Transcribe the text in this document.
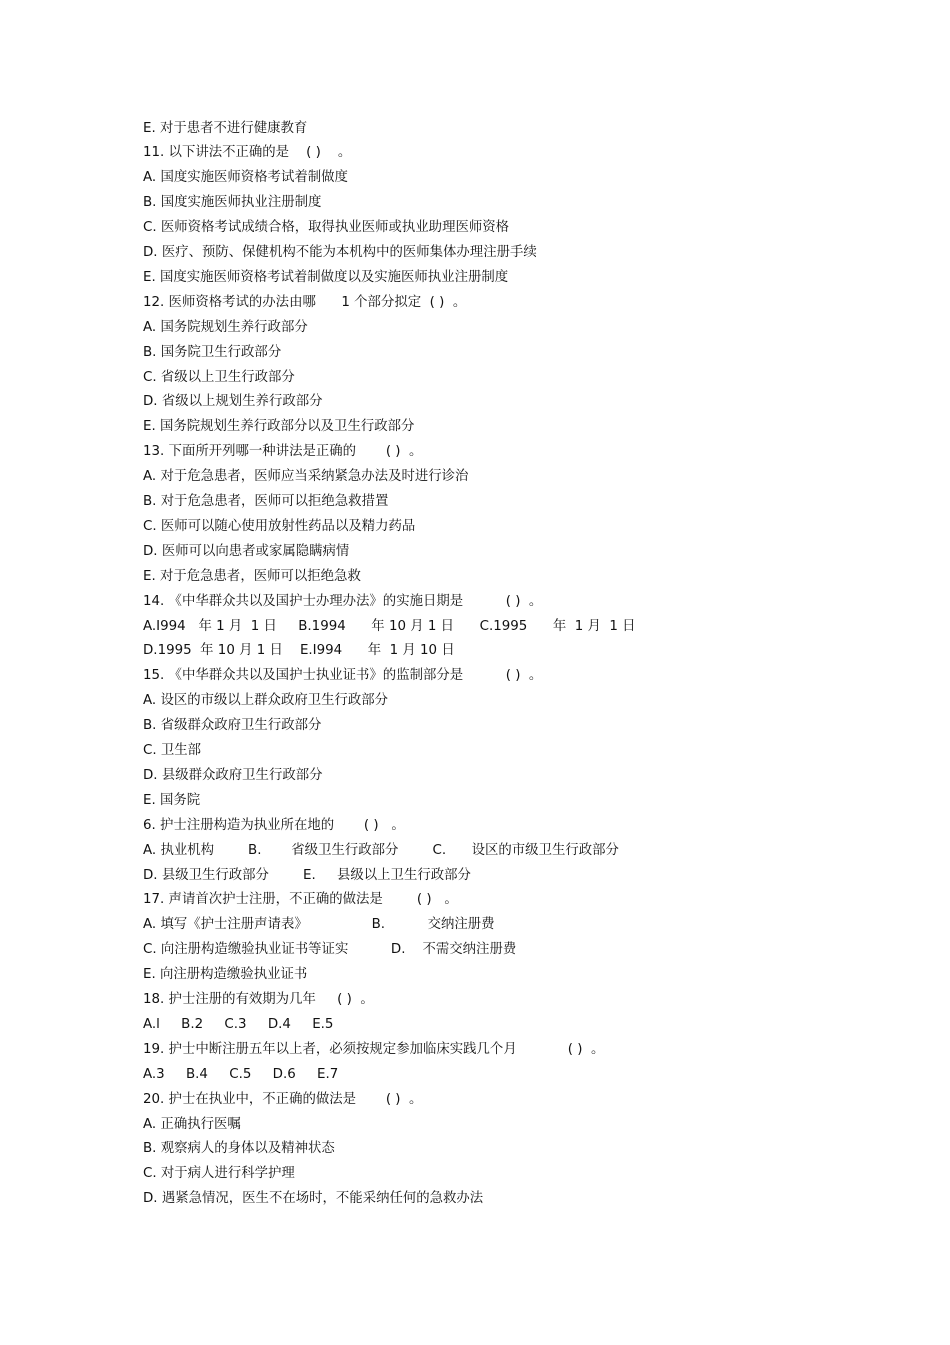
E. 对于患者不进行健康教育
11. 以下讲法不正确的是    ( )    。
A. 国度实施医师资格考试着制做度
B. 国度实施医师执业注册制度
C. 医师资格考试成绩合格，取得执业医师或执业助理医师资格
D. 医疗、预防、保健机构不能为本机构中的医师集体办理注册手续
E. 国度实施医师资格考试着制做度以及实施医师执业注册制度
12. 医师资格考试的办法由哪      1 个部分拟定  ( )  。
A. 国务院规划生养行政部分
B. 国务院卫生行政部分
C. 省级以上卫生行政部分
D. 省级以上规划生养行政部分
E. 国务院规划生养行政部分以及卫生行政部分
13. 下面所开列哪一种讲法是正确的       ( )  。
A. 对于危急患者，医师应当采纳紧急办法及时进行诊治
B. 对于危急患者，医师可以拒绝急救措置
C. 医师可以随心使用放射性药品以及精力药品
D. 医师可以向患者或家属隐瞒病情
E. 对于危急患者，医师可以拒绝急救
14. 《中华群众共以及国护士办理办法》的实施日期是          ( )  。
A.I994   年 1 月  1 日     B.1994      年 10 月 1 日      C.1995      年  1 月  1 日
D.1995  年 10 月 1 日    E.I994      年  1 月 10 日
15. 《中华群众共以及国护士执业证书》的监制部分是          ( )  。
A. 设区的市级以上群众政府卫生行政部分
B. 省级群众政府卫生行政部分
C. 卫生部
D. 县级群众政府卫生行政部分
E. 国务院
6. 护士注册构造为执业所在地的       ( )   。
A. 执业机构        B.       省级卫生行政部分        C.      设区的市级卫生行政部分
D. 县级卫生行政部分        E.     县级以上卫生行政部分
17. 声请首次护士注册，不正确的做法是        ( )   。
A. 填写《护士注册声请表》               B.          交纳注册费
C. 向注册构造缴验执业证书等证实          D.    不需交纳注册费
E. 向注册构造缴验执业证书
18. 护士注册的有效期为几年     ( )  。
A.l     B.2     C.3     D.4     E.5
19. 护士中断注册五年以上者，必须按规定参加临床实践几个月            ( )  。
A.3     B.4     C.5     D.6     E.7
20. 护士在执业中，不正确的做法是       ( )  。
A. 正确执行医嘱
B. 观察病人的身体以及精神状态
C. 对于病人进行科学护理
D. 遇紧急情况，医生不在场时，不能采纳任何的急救办法
